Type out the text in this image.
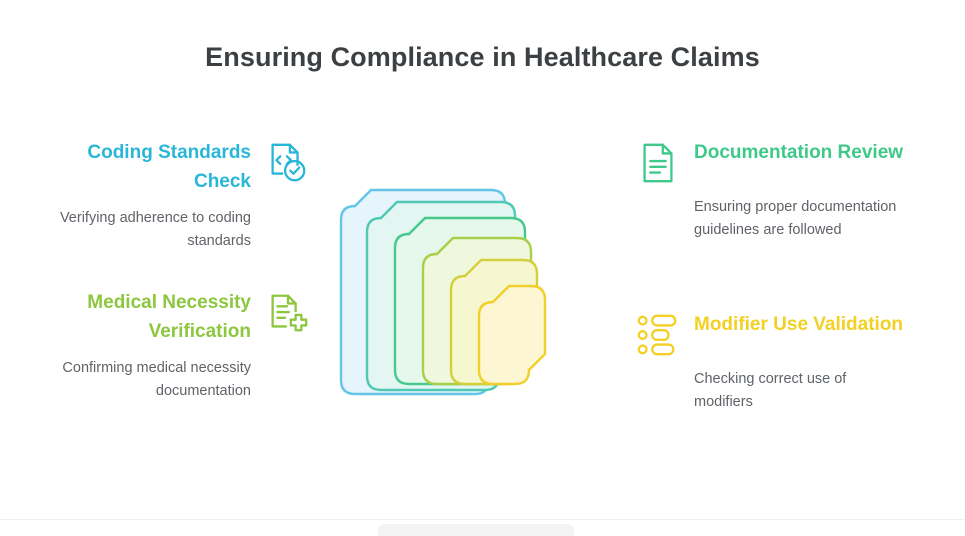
Ensuring Compliance in Healthcare Claims
Coding Standards Check
Verifying adherence to coding standards
Medical Necessity Verification
Confirming medical necessity documentation
Documentation Review
Ensuring proper documentation guidelines are followed
Modifier Use Validation
Checking correct use of modifiers
